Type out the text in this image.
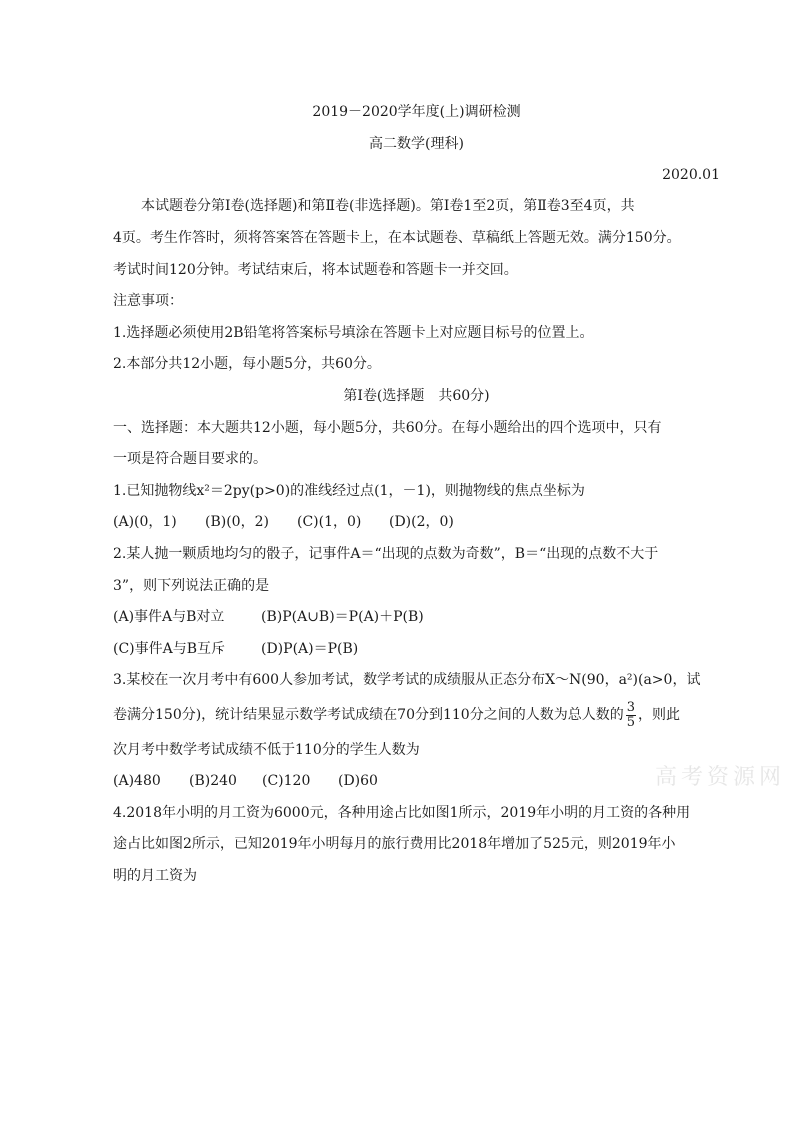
2019－2020学年度(上)调研检测
高二数学(理科)
2020.01
本试题卷分第Ⅰ卷(选择题)和第Ⅱ卷(非选择题)。第Ⅰ卷1至2页，第Ⅱ卷3至4页，共
4页。考生作答时，须将答案答在答题卡上，在本试题卷、草稿纸上答题无效。满分150分。
考试时间120分钟。考试结束后，将本试题卷和答题卡一并交回。
注意事项：
1.选择题必须使用2B铅笔将答案标号填涂在答题卡上对应题目标号的位置上。
2.本部分共12小题，每小题5分，共60分。
第Ⅰ卷(选择题　共60分)
一、选择题：本大题共12小题，每小题5分，共60分。在每小题给出的四个选项中，只有
一项是符合题目要求的。
1.已知抛物线x²＝2py(p>0)的准线经过点(1，－1)，则抛物线的焦点坐标为
(A)(0，1) (B)(0，2) (C)(1，0) (D)(2，0)
2.某人抛一颗质地均匀的骰子，记事件A＝“出现的点数为奇数”，B＝“出现的点数不大于
3”，则下列说法正确的是
(A)事件A与B对立	(B)P(A∪B)＝P(A)＋P(B)
(C)事件A与B互斥	(D)P(A)＝P(B)
3.某校在一次月考中有600人参加考试，数学考试的成绩服从正态分布X～N(90，a²)(a>0，试
卷满分150分)，统计结果显示数学考试成绩在70分到110分之间的人数为总人数的 $\frac{3}{5}$ ，则此
次月考中数学考试成绩不低于110分的学生人数为
(A)480 (B)240 (C)120 (D)60
4.2018年小明的月工资为6000元，各种用途占比如图1所示，2019年小明的月工资的各种用
途占比如图2所示，已知2019年小明每月的旅行费用比2018年增加了525元，则2019年小
明的月工资为
高考资源网
